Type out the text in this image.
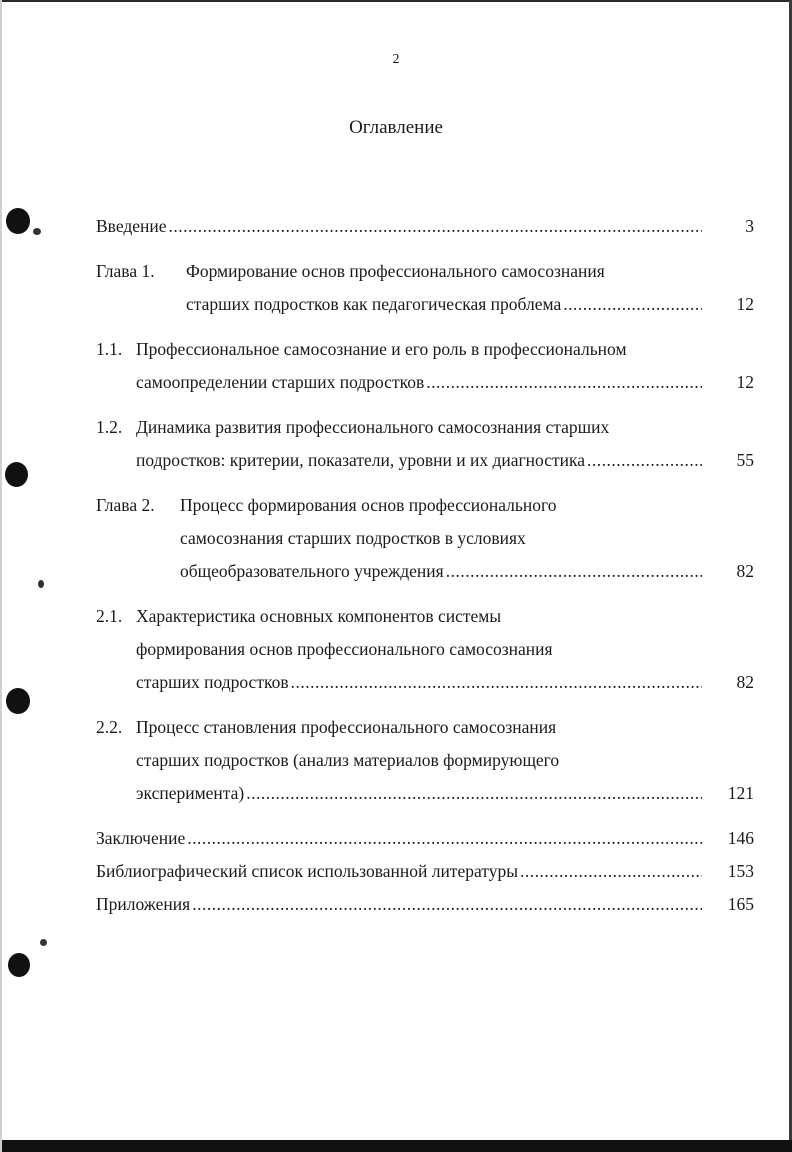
2
Оглавление
Введение .....	3
Глава 1. Формирование основ профессионального самосознания
старших подростков как педагогическая проблема .....	12
1.1. Профессиональное самосознание и его роль в профессиональном
самоопределении старших подростков .....	12
1.2. Динамика развития профессионального самосознания старших
подростков: критерии, показатели, уровни и их диагностика .....	55
Глава 2. Процесс формирования основ профессионального
самосознания старших подростков в условиях
общеобразовательного учреждения .....	82
2.1. Характеристика основных компонентов системы
формирования основ профессионального самосознания
старших подростков .....	82
2.2. Процесс становления профессионального самосознания
старших подростков (анализ материалов формирующего
эксперимента) .....	121
Заключение .....	146
Библиографический список использованной литературы .....	153
Приложения .....	165
